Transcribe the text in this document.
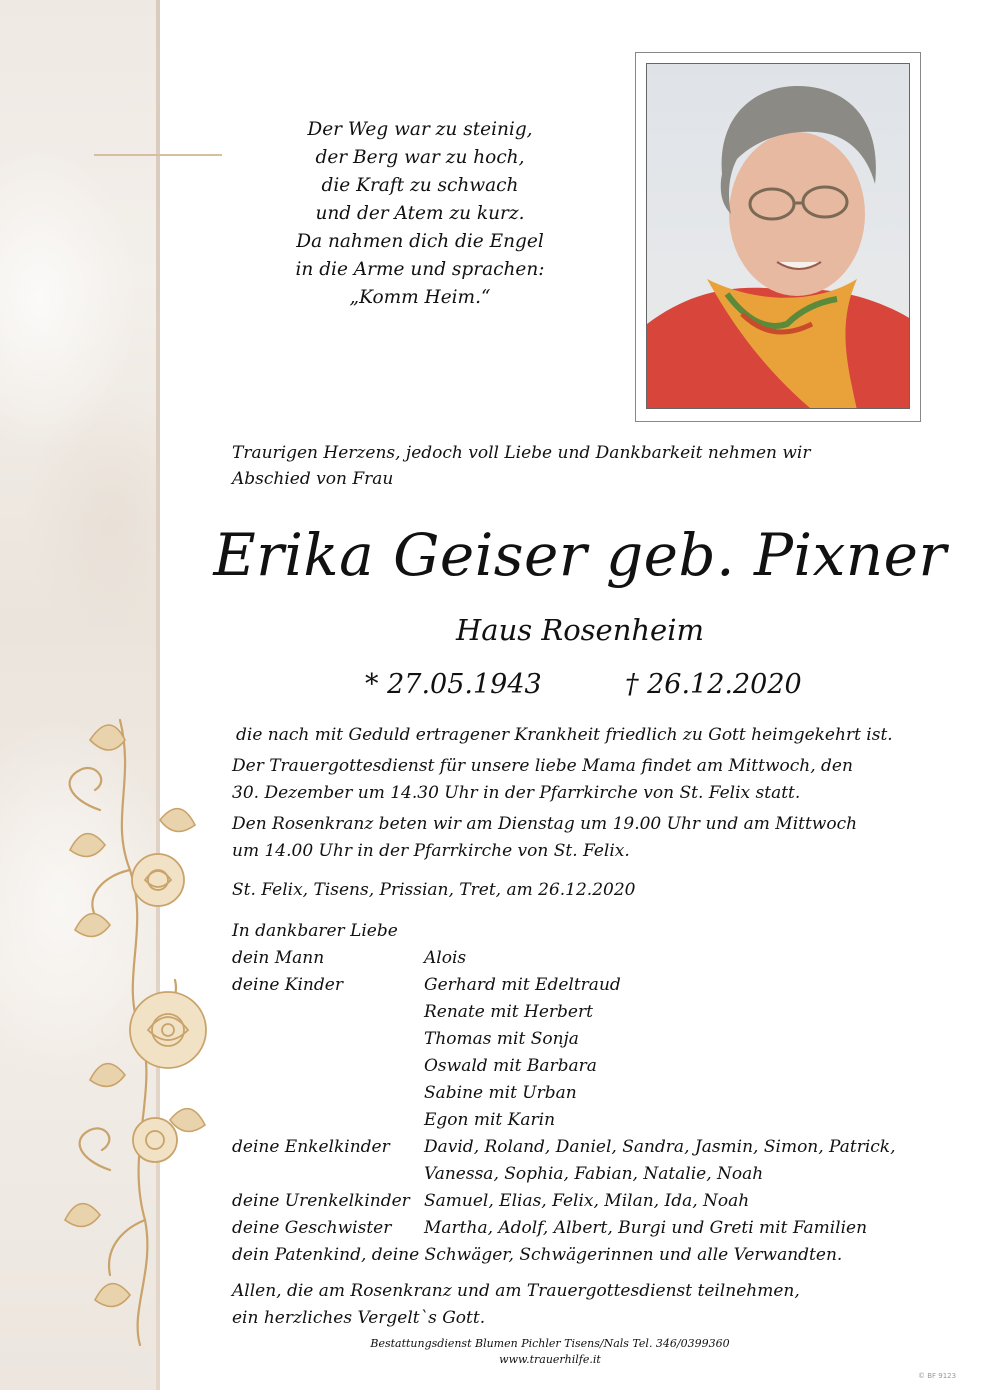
Der Weg war zu steinig,
der Berg war zu hoch,
die Kraft zu schwach
und der Atem zu kurz.
Da nahmen dich die Engel
in die Arme und sprachen:
„Komm Heim.“
Traurigen Herzens, jedoch voll Liebe und Dankbarkeit nehmen wir
Abschied von Frau
Erika Geiser geb. Pixner
Haus Rosenheim
* 27.05.1943	† 26.12.2020

die nach mit Geduld ertragener Krankheit friedlich zu Gott heimgekehrt ist.

Der Trauergottesdienst für unsere liebe Mama findet am Mittwoch, den

30. Dezember um 14.30 Uhr in der Pfarrkirche von St. Felix statt.

Den Rosenkranz beten wir am Dienstag um 19.00 Uhr und am Mittwoch

um 14.00 Uhr in der Pfarrkirche von St. Felix.

St. Felix, Tisens, Prissian, Tret, am 26.12.2020
In dankbarer Liebe
dein Mann	Alois
deine Kinder	Gerhard mit Edeltraud
Renate mit Herbert
Thomas mit Sonja
Oswald mit Barbara
Sabine mit Urban
Egon mit Karin
deine Enkelkinder	David, Roland, Daniel, Sandra, Jasmin, Simon, Patrick,
Vanessa, Sophia, Fabian, Natalie, Noah
deine Urenkelkinder Samuel, Elias, Felix, Milan, Ida, Noah
deine Geschwister	Martha, Adolf, Albert, Burgi und Greti mit Familien
dein Patenkind, deine Schwäger, Schwägerinnen und alle Verwandten.
Allen, die am Rosenkranz und am Trauergottesdienst teilnehmen,
ein herzliches Vergelt`s Gott.
Bestattungsdienst Blumen Pichler Tisens/Nals Tel. 346/0399360
www.trauerhilfe.it
© BF 9123
